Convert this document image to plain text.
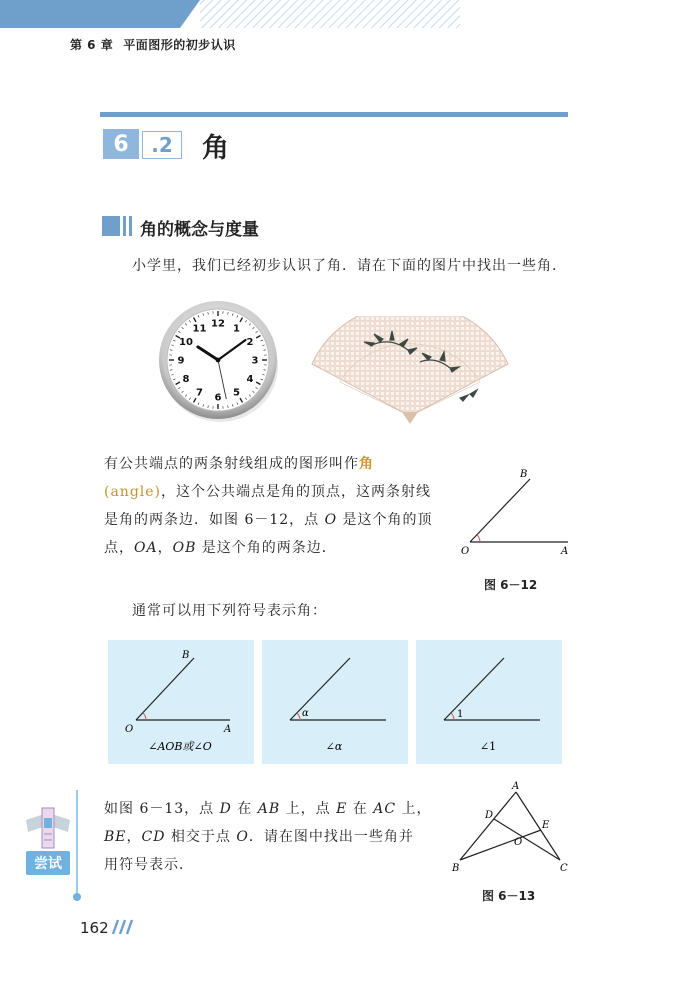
第 6 章 平面图形的初步认识
6	.2	角
角的概念与度量
小学里，我们已经初步认识了角．请在下面的图片中找出一些角．
12 1
2
3
4
5
6
7
8
9
10
11
有公共端点的两条射线组成的图形叫作角
(angle)，这个公共端点是角的顶点，这两条射线
是角的两条边．如图 6－12，点 O 是这个角的顶
点，OA，OB 是这个角的两条边．	O	A
B
图 6－12
通常可以用下列符号表示角：
O	A
B
∠AOB或∠O
α
∠α
1
∠1
尝试
如图 6－13，点 D 在 AB 上，点 E 在 AC 上，
BE，CD 相交于点 O．请在图中找出一些角并
用符号表示．
A
B	C
D
E
O
图 6－13
162
